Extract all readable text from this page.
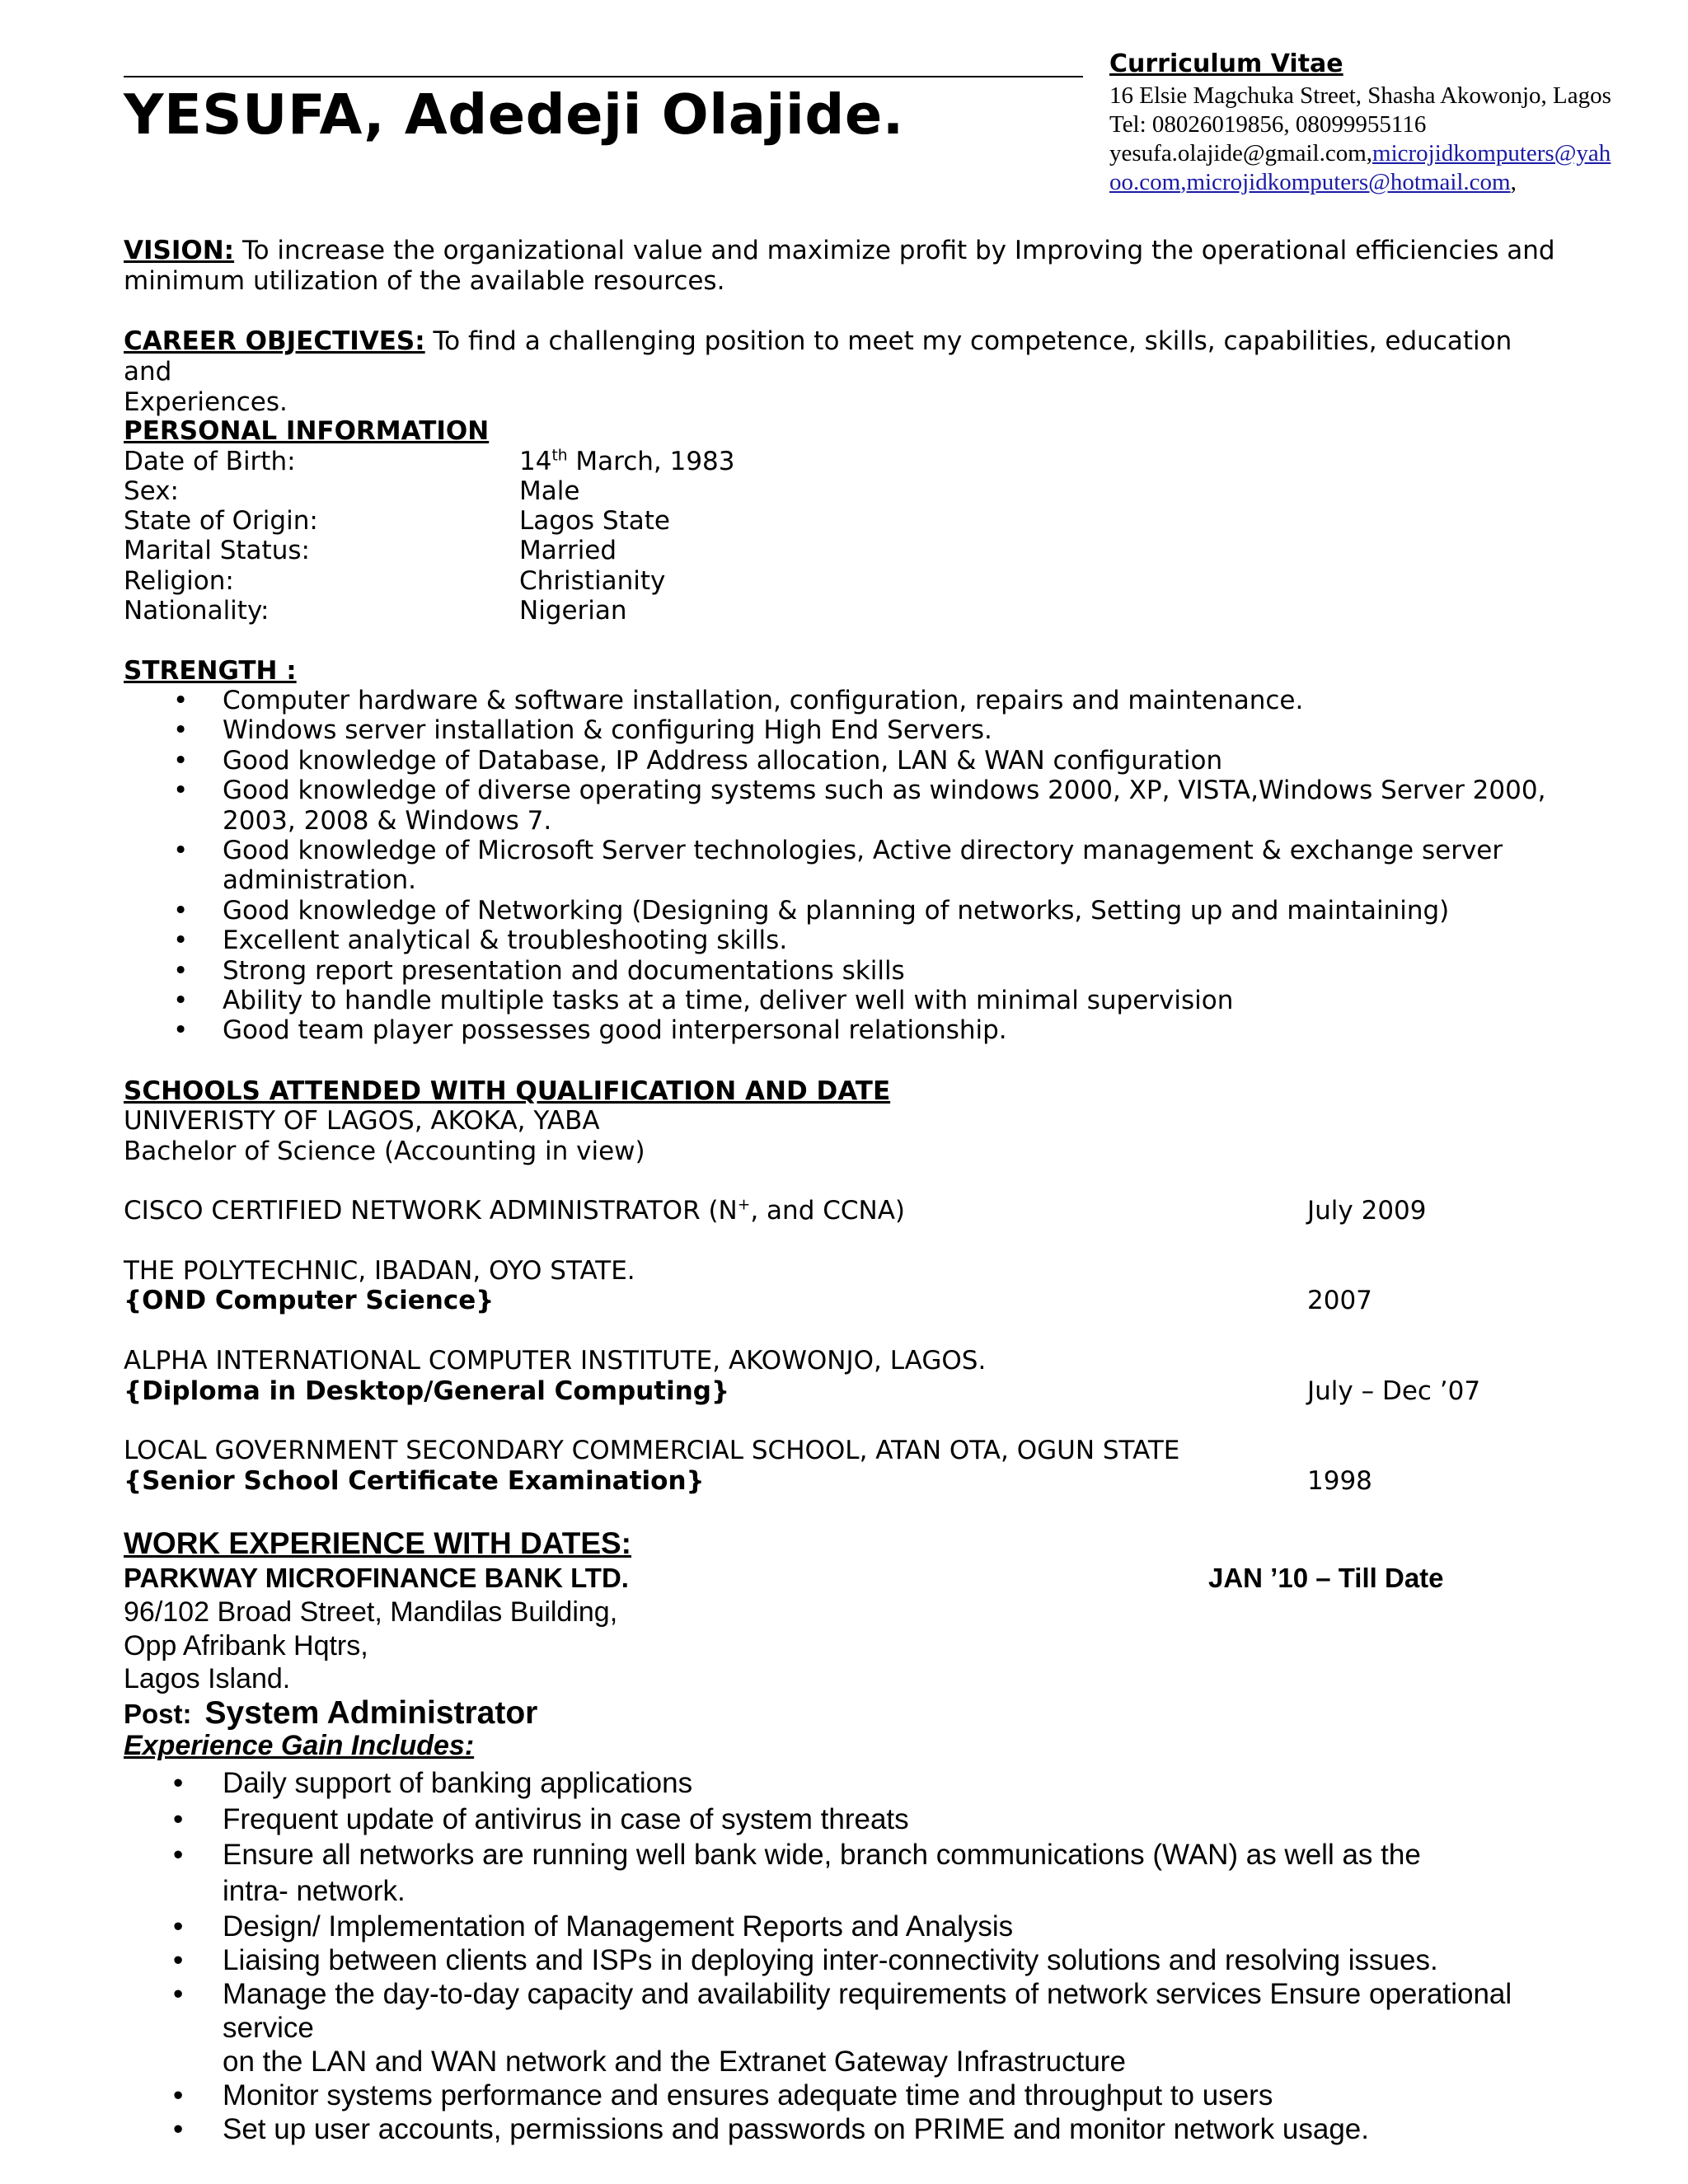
Curriculum Vitae
YESUFA, Adedeji Olajide.	16 Elsie Magchuka Street, Shasha Akowonjo, Lagos
Tel: 08026019856, 08099955116
yesufa.olajide@gmail.com,microjidkomputers@yah
oo.com,microjidkomputers@hotmail.com,
VISION: To increase the organizational value and maximize profit by Improving the operational efficiencies and
minimum utilization of the available resources.
CAREER OBJECTIVES: To find a challenging position to meet my competence, skills, capabilities, education and
Experiences.
PERSONAL INFORMATION
Date of Birth:	14th March, 1983
Sex:	Male
State of Origin:	Lagos State
Marital Status:	Married
Religion:	Christianity
Nationality:	Nigerian
STRENGTH :
• Computer hardware & software installation, configuration, repairs and maintenance.
• Windows server installation & configuring High End Servers.
• Good knowledge of Database, IP Address allocation, LAN & WAN configuration
• Good knowledge of diverse operating systems such as windows 2000, XP, VISTA,Windows Server 2000,
2003, 2008 & Windows 7.
• Good knowledge of Microsoft Server technologies, Active directory management & exchange server
administration.
• Good knowledge of Networking (Designing & planning of networks, Setting up and maintaining)
• Excellent analytical & troubleshooting skills.
• Strong report presentation and documentations skills
• Ability to handle multiple tasks at a time, deliver well with minimal supervision
• Good team player possesses good interpersonal relationship.
SCHOOLS ATTENDED WITH QUALIFICATION AND DATE
UNIVERISTY OF LAGOS, AKOKA, YABA
Bachelor of Science (Accounting in view)
CISCO CERTIFIED NETWORK ADMINISTRATOR (N+, and CCNA)	July 2009
THE POLYTECHNIC, IBADAN, OYO STATE.
{OND Computer Science}	2007
ALPHA INTERNATIONAL COMPUTER INSTITUTE, AKOWONJO, LAGOS.
{Diploma in Desktop/General Computing}	July – Dec ’07
LOCAL GOVERNMENT SECONDARY COMMERCIAL SCHOOL, ATAN OTA, OGUN STATE
{Senior School Certificate Examination}	1998
WORK EXPERIENCE WITH DATES:
PARKWAY MICROFINANCE BANK LTD.	JAN ’10 – Till Date
96/102 Broad Street, Mandilas Building,
Opp Afribank Hqtrs,
Lagos Island.
Post: System Administrator
Experience Gain Includes:
• Daily support of banking applications
• Frequent update of antivirus in case of system threats
• Ensure all networks are running well bank wide, branch communications (WAN) as well as the
intra- network.
• Design/ Implementation of Management Reports and Analysis
• Liaising between clients and ISPs in deploying inter-connectivity solutions and resolving issues.
• Manage the day-to-day capacity and availability requirements of network services Ensure operational service
on the LAN and WAN network and the Extranet Gateway Infrastructure
• Monitor systems performance and ensures adequate time and throughput to users
• Set up user accounts, permissions and passwords on PRIME and monitor network usage.
